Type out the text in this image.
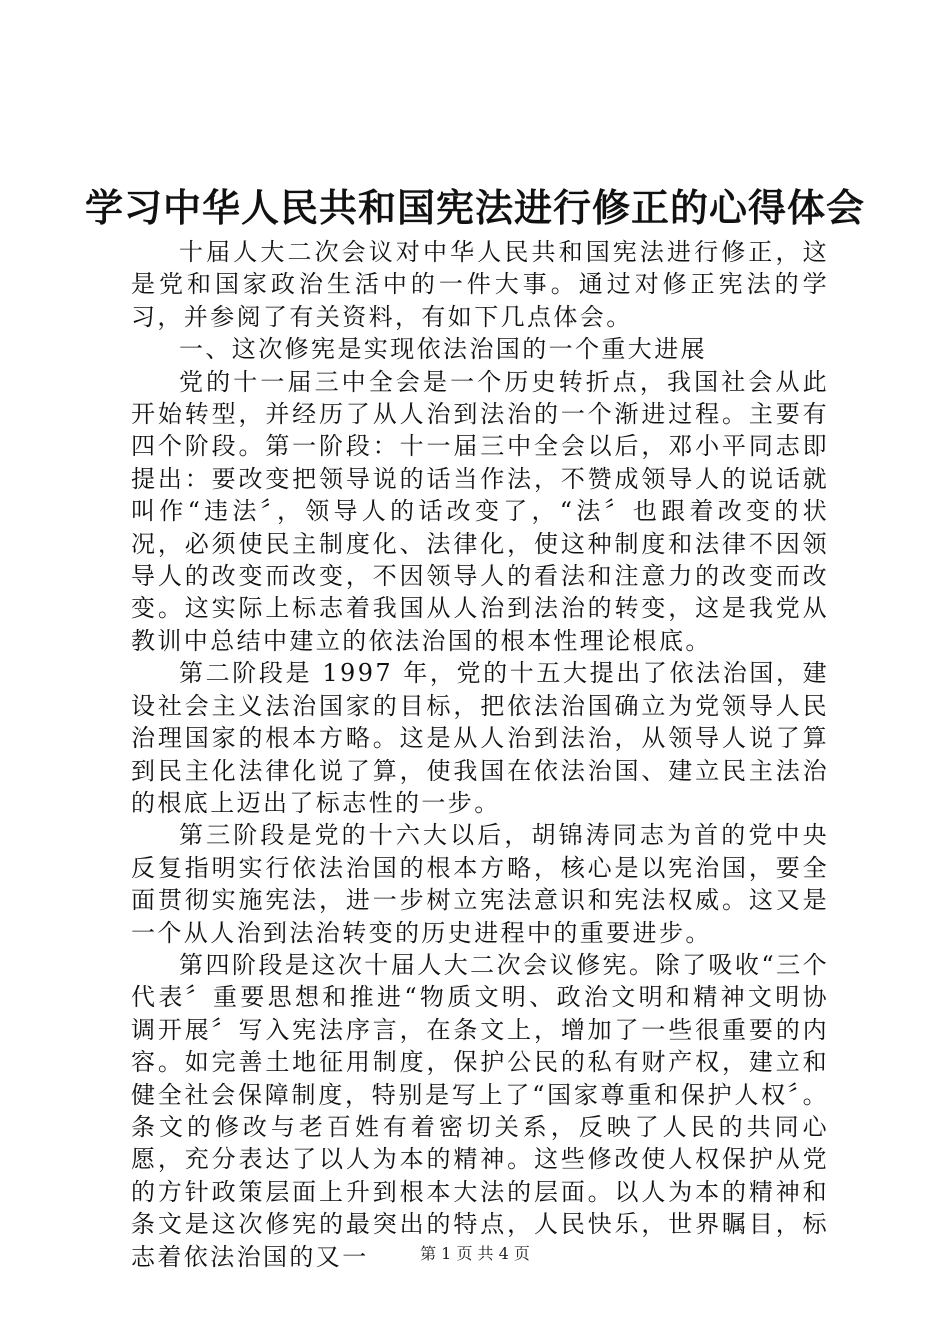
学习中华人民共和国宪法进行修正的心得体会

十届人大二次会议对中华人民共和国宪法进行修正，这是党和国家政治生活中的一件大事。通过对修正宪法的学习，并参阅了有关资料，有如下几点体会。

一、这次修宪是实现依法治国的一个重大进展

党的十一届三中全会是一个历史转折点，我国社会从此开始转型，并经历了从人治到法治的一个渐进过程。主要有四个阶段。第一阶段：十一届三中全会以后，邓小平同志即提出：要改变把领导说的话当作法，不赞成领导人的说话就叫作“违法〞，领导人的话改变了，“法〞也跟着改变的状况，必须使民主制度化、法律化，使这种制度和法律不因领导人的改变而改变，不因领导人的看法和注意力的改变而改变。这实际上标志着我国从人治到法治的转变，这是我党从教训中总结中建立的依法治国的根本性理论根底。

第二阶段是 1997 年，党的十五大提出了依法治国，建设社会主义法治国家的目标，把依法治国确立为党领导人民治理国家的根本方略。这是从人治到法治，从领导人说了算到民主化法律化说了算，使我国在依法治国、建立民主法治的根底上迈出了标志性的一步。

第三阶段是党的十六大以后，胡锦涛同志为首的党中央反复指明实行依法治国的根本方略，核心是以宪治国，要全面贯彻实施宪法，进一步树立宪法意识和宪法权威。这又是一个从人治到法治转变的历史进程中的重要进步。

第四阶段是这次十届人大二次会议修宪。除了吸收“三个代表〞重要思想和推进“物质文明、政治文明和精神文明协调开展〞写入宪法序言，在条文上，增加了一些很重要的内容。如完善土地征用制度，保护公民的私有财产权，建立和健全社会保障制度，特别是写上了“国家尊重和保护人权〞。条文的修改与老百姓有着密切关系，反映了人民的共同心愿，充分表达了以人为本的精神。这些修改使人权保护从党的方针政策层面上升到根本大法的层面。以人为本的精神和条文是这次修宪的最突出的特点，人民快乐，世界瞩目，标志着依法治国的又一	第 1 页 共 4 页
